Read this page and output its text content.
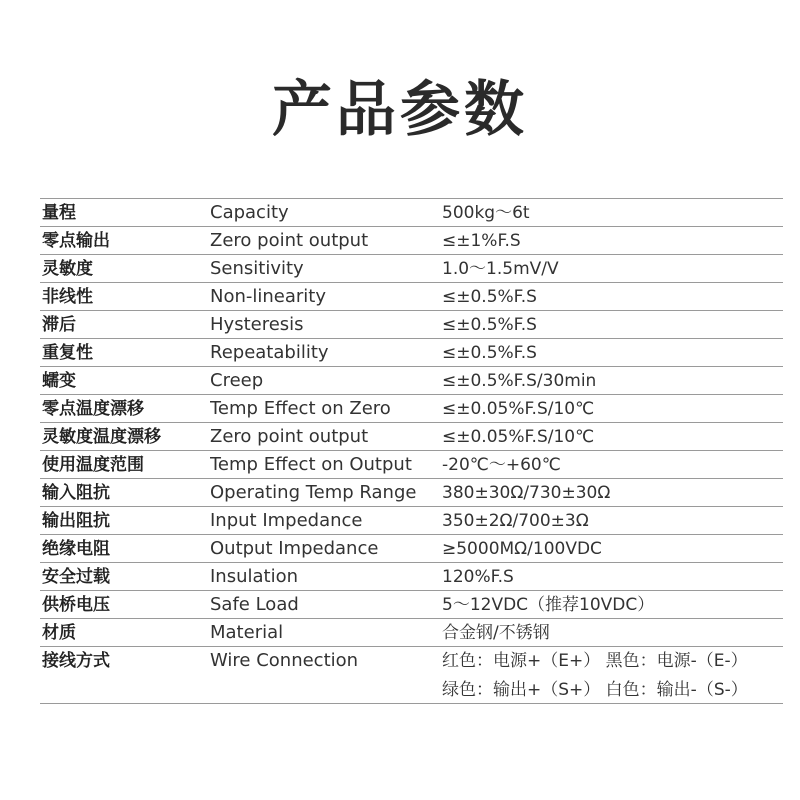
产品参数
量程	Capacity	500kg～6t
零点输出	Zero point output	≤±1%F.S
灵敏度	Sensitivity	1.0～1.5mV/V
非线性	Non-linearity	≤±0.5%F.S
滞后	Hysteresis	≤±0.5%F.S
重复性	Repeatability	≤±0.5%F.S
蠕变	Creep	≤±0.5%F.S/30min
零点温度漂移	Temp Effect on Zero	≤±0.05%F.S/10℃
灵敏度温度漂移	Zero point output	≤±0.05%F.S/10℃
使用温度范围	Temp Effect on Output	-20℃～+60℃
输入阻抗	Operating Temp Range	380±30Ω/730±30Ω
输出阻抗	Input Impedance	350±2Ω/700±3Ω
绝缘电阻	Output Impedance	≥5000MΩ/100VDC
安全过载	Insulation	120%F.S
供桥电压	Safe Load	5～12VDC（推荐10VDC）
材质	Material	合金钢/不锈钢
接线方式	Wire Connection	红色：电源+（E+） 黑色：电源-（E-）
绿色：输出+（S+） 白色：输出-（S-）
